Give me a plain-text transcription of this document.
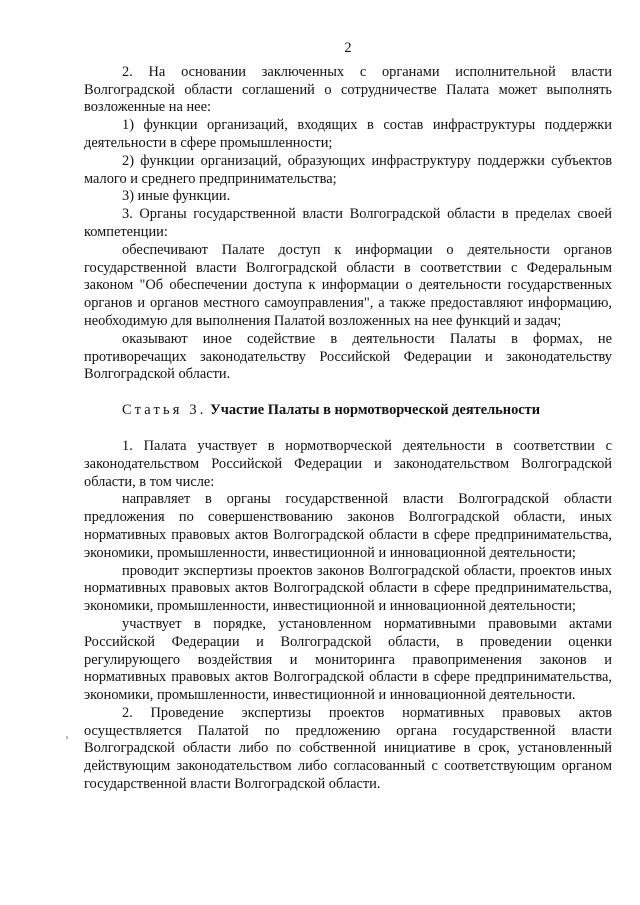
2

2. На основании заключенных с органами исполнительной власти Волгоградской области соглашений о сотрудничестве Палата может выполнять возложенные на нее:

1) функции организаций, входящих в состав инфраструктуры поддержки деятельности в сфере промышленности;

2) функции организаций, образующих инфраструктуру поддержки субъектов малого и среднего предпринимательства;

3) иные функции.

3. Органы государственной власти Волгоградской области в пределах своей компетенции:

обеспечивают Палате доступ к информации о деятельности органов государственной власти Волгоградской области в соответствии с Федеральным законом "Об обеспечении доступа к информации о деятельности государственных органов и органов местного самоуправления", а также предоставляют информацию, необходимую для выполнения Палатой возложенных на нее функций и задач;

оказывают иное содействие в деятельности Палаты в формах, не противоречащих законодательству Российской Федерации и законодательству Волгоградской области.

Статья 3. Участие Палаты в нормотворческой деятельности

1. Палата участвует в нормотворческой деятельности в соответствии с законодательством Российской Федерации и законодательством Волгоградской области, в том числе:

направляет в органы государственной власти Волгоградской области предложения по совершенствованию законов Волгоградской области, иных нормативных правовых актов Волгоградской области в сфере предпринимательства, экономики, промышленности, инвестиционной и инновационной деятельности;

проводит экспертизы проектов законов Волгоградской области, проектов иных нормативных правовых актов Волгоградской области в сфере предпринимательства, экономики, промышленности, инвестиционной и инновационной деятельности;

участвует в порядке, установленном нормативными правовыми актами Российской Федерации и Волгоградской области, в проведении оценки регулирующего воздействия и мониторинга правоприменения законов и нормативных правовых актов Волгоградской области в сфере предпринимательства, экономики, промышленности, инвестиционной и инновационной деятельности.

2. Проведение экспертизы проектов нормативных правовых актов осуществляется Палатой по предложению органа государственной власти Волгоградской области либо по собственной инициативе в срок, установленный действующим законодательством либо согласованный с соответствующим органом государственной власти Волгоградской области.
